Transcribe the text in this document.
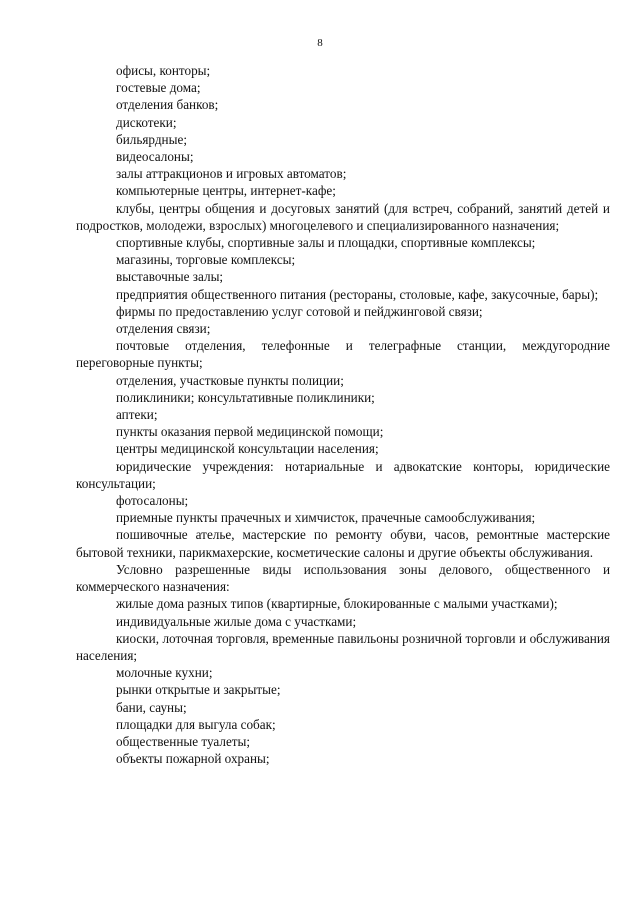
8

офисы, конторы;

гостевые дома;

отделения банков;

дискотеки;

бильярдные;

видеосалоны;

залы аттракционов и игровых автоматов;

компьютерные центры, интернет-кафе;

клубы, центры общения и досуговых занятий (для встреч, собраний, занятий детей и подростков, молодежи, взрослых) многоцелевого и специализированного назначения;

спортивные клубы, спортивные залы и площадки, спортивные комплексы;

магазины, торговые комплексы;

выставочные залы;

предприятия общественного питания (рестораны, столовые, кафе, закусочные, бары);

фирмы по предоставлению услуг сотовой и пейджинговой связи;

отделения связи;

почтовые отделения, телефонные и телеграфные станции, междугородние переговорные пункты;

отделения, участковые пункты полиции;

поликлиники; консультативные поликлиники;

аптеки;

пункты оказания первой медицинской помощи;

центры медицинской консультации населения;

юридические учреждения: нотариальные и адвокатские конторы, юридические консультации;

фотосалоны;

приемные пункты прачечных и химчисток, прачечные самообслуживания;

пошивочные ателье, мастерские по ремонту обуви, часов, ремонтные мастерские бытовой техники, парикмахерские, косметические салоны и другие объекты обслуживания.

Условно разрешенные виды использования зоны делового, общественного и коммерческого назначения:

жилые дома разных типов (квартирные, блокированные с малыми участками);

индивидуальные жилые дома с участками;

киоски, лоточная торговля, временные павильоны розничной торговли и обслуживания населения;

молочные кухни;

рынки открытые и закрытые;

бани, сауны;

площадки для выгула собак;

общественные туалеты;

объекты пожарной охраны;
